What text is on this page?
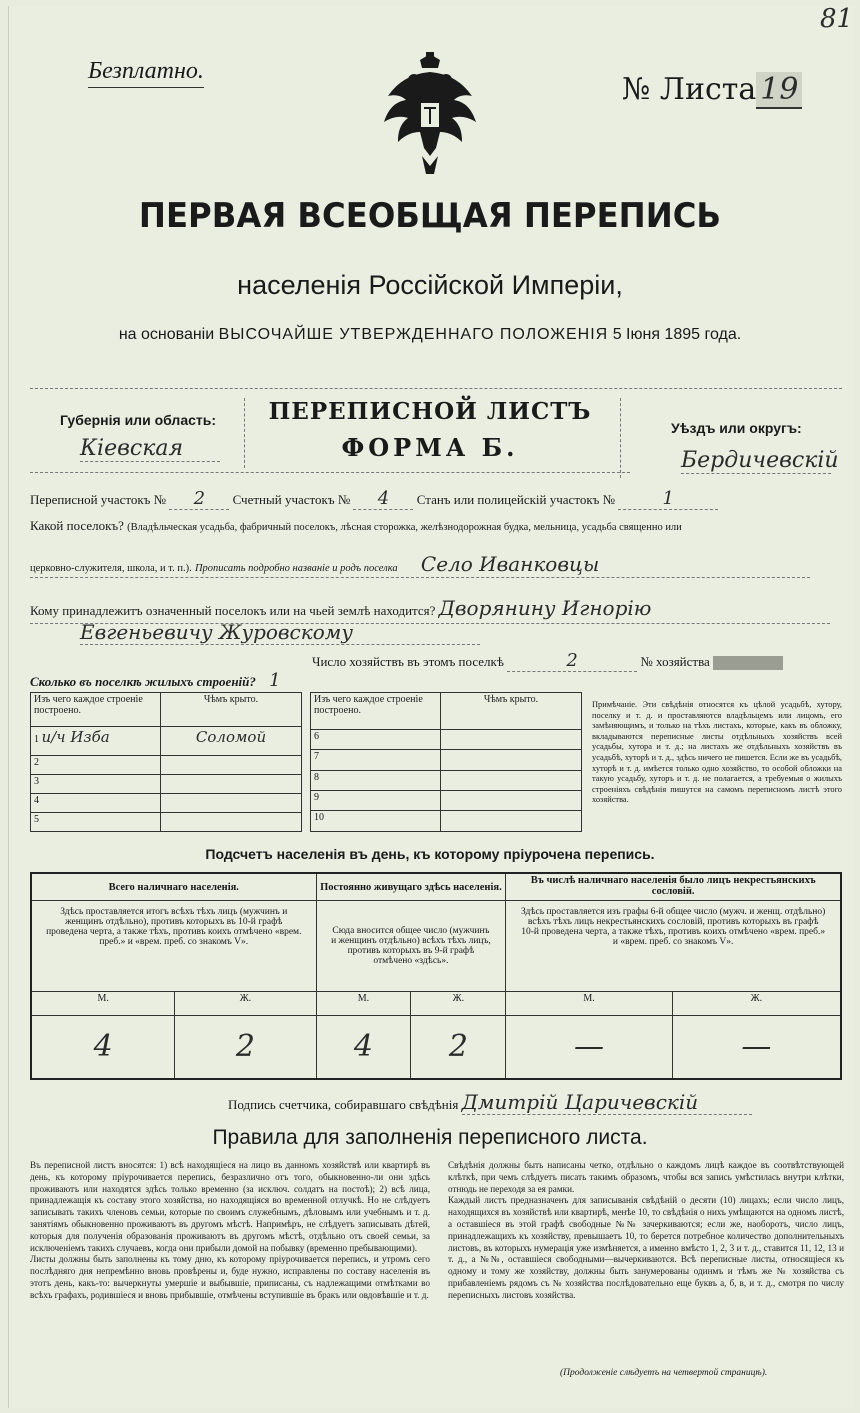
81
Безплатно.
№ Листа 19
ПЕРВАЯ ВСЕОБЩАЯ ПЕРЕПИСЬ
населенія Россійской Имперіи,
на основаніи ВЫСОЧАЙШЕ УТВЕРЖДЕННАГО ПОЛОЖЕНІЯ 5 Іюня 1895 года.
Губернія или область:
Кіевская
ПЕРЕПИСНОЙ ЛИСТЪ
ФОРМА Б.
Уѣздъ или округъ:
Бердичевскій
Переписной участокъ № 2 Счетный участокъ № 4 Станъ или полицейскій участокъ №	1
Какой поселокъ? (Владѣльческая усадьба, фабричный поселокъ, лѣсная сторожка, желѣзнодорожная будка, мельница, усадьба священно или
церковно-служителя, школа, и т. п.). Прописать подробно названіе и родъ поселка Село Иванковцы
Кому принадлежитъ означенный поселокъ или на чьей землѣ находится? Дворянину Игнорію
Евгеньевичу Журовскому
Число хозяйствъ въ этомъ поселкѣ	2	№ хозяйства
Сколько въ поселкѣ жилыхъ строеній? 1
Изъ чего каждое строеніе построено.	Чѣмъ крыто.
1 и/ч Изба	Соломой
2	
3	
4	
5	
Изъ чего каждое строеніе построено.	Чѣмъ крыто.
6	
7	
8	
9	
10	
Примѣчаніе. Эти свѣдѣнія относятся къ цѣлой усадьбѣ, хутору, поселку и т. д. и проставляются владѣльцемъ или лицомъ, его замѣняющимъ, и только на тѣхъ листахъ, которые, какъ въ обложку, вкладываются переписные листы отдѣльныхъ хозяйствъ всей усадьбы, хутора и т. д.; на листахъ же отдѣльныхъ хозяйствъ въ усадьбѣ, хуторѣ и т. д., здѣсь ничего не пишется. Если же въ усадьбѣ, хуторѣ и т. д. имѣется только одно хозяйство, то особой обложки на такую усадьбу, хуторъ и т. д. не полагается, а требуемыя о жилыхъ строеніяхъ свѣдѣнія пишутся на самомъ переписномъ листѣ этого хозяйства.
Подсчетъ населенія въ день, къ которому пріурочена перепись.
Всего наличнаго населенія.		Постоянно живущаго здѣсь населенія.		Въ числѣ наличнаго населенія было лицъ некрестьянскихъ сословій.	
Здѣсь проставляется итогъ всѣхъ тѣхъ лицъ (мужчинъ и женщинъ отдѣльно), противъ которыхъ въ 10-й графѣ проведена черта, а также тѣхъ, противъ коихъ отмѣчено «врем. преб.» и «врем. преб. со знакомъ V».		Сюда вносится общее число (мужчинъ и женщинъ отдѣльно) всѣхъ тѣхъ лицъ, противъ которыхъ въ 9-й графѣ отмѣчено «здѣсь».		Здѣсь проставляется изъ графы 6-й общее число (мужч. и женщ. отдѣльно) всѣхъ тѣхъ лицъ некрестьянскихъ сословій, противъ которыхъ въ графѣ 10-й проведена черта, а также тѣхъ, противъ коихъ отмѣчено «врем. преб.» и «врем. преб. со знакомъ V».	
М.	Ж.	М.	Ж.	М.	Ж.
4	2	4	2	—	—
Подпись счетчика, собиравшаго свѣдѣнія Дмитрій Царичевскій
Правила для заполненія переписного листа.
Въ переписной листъ вносятся: 1) всѣ находящіеся на лицо въ данномъ хозяйствѣ или квартирѣ въ день, къ которому пріурочивается перепись, безразлично отъ того, обыкновенно-ли они здѣсь проживаютъ или находятся здѣсь только временно (за исключ. солдатъ на постоѣ); 2) всѣ лица, принадлежащія къ составу этого хозяйства, но находящіяся во временной отлучкѣ. Но не слѣдуетъ записывать такихъ членовъ семьи, которые по своимъ служебнымъ, дѣловымъ или учебнымъ и т. д. занятіямъ обыкновенно проживаютъ въ другомъ мѣстѣ. Напримѣръ, не слѣдуетъ записывать дѣтей, которыя для полученія образованія проживаютъ въ другомъ мѣстѣ, отдѣльно отъ своей семьи, за исключеніемъ такихъ случаевъ, когда они прибыли домой на побывку (временно пребывающими).
Листы должны быть заполнены къ тому дню, къ которому пріурочивается перепись, и утромъ сего послѣдняго дня непремѣнно вновь провѣрены и, буде нужно, исправлены по составу населенія въ этотъ день, какъ-то: вычеркнуты умершіе и выбывшіе, приписаны, съ надлежащими отмѣтками во всѣхъ графахъ, родившіеся и вновь прибывшіе, отмѣчены вступившіе въ бракъ или овдовѣвшіе и т. д.
Свѣдѣнія должны быть написаны четко, отдѣльно о каждомъ лицѣ каждое въ соотвѣтствующей клѣткѣ, при чемъ слѣдуетъ писать такимъ образомъ, чтобы вся запись умѣстилась внутри клѣтки, отнюдь не переходя за ея рамки.
Каждый листъ предназначенъ для записыванія свѣдѣній о десяти (10) лицахъ; если число лицъ, находящихся въ хозяйствѣ или квартирѣ, менѣе 10, то свѣдѣнія о нихъ умѣщаются на одномъ листѣ, а оставшіеся въ этой графѣ свободные №№ зачеркиваются; если же, наоборотъ, число лицъ, принадлежащихъ къ хозяйству, превышаетъ 10, то берется потребное количество дополнительныхъ листовъ, въ которыхъ нумерація уже измѣняется, а именно вмѣсто 1, 2, 3 и т. д., ставится 11, 12, 13 и т. д., а №№, оставшіеся свободными—вычеркиваются. Всѣ переписные листы, относящіеся къ одному и тому же хозяйству, должны быть занумерованы одинмъ и тѣмъ же № хозяйства съ прибавленіемъ рядомъ съ № хозяйства послѣдовательно еще буквъ а, б, в, и т. д., смотря по числу переписныхъ листовъ хозяйства.
(Продолженіе слѣдуетъ на четвертой страницѣ).
